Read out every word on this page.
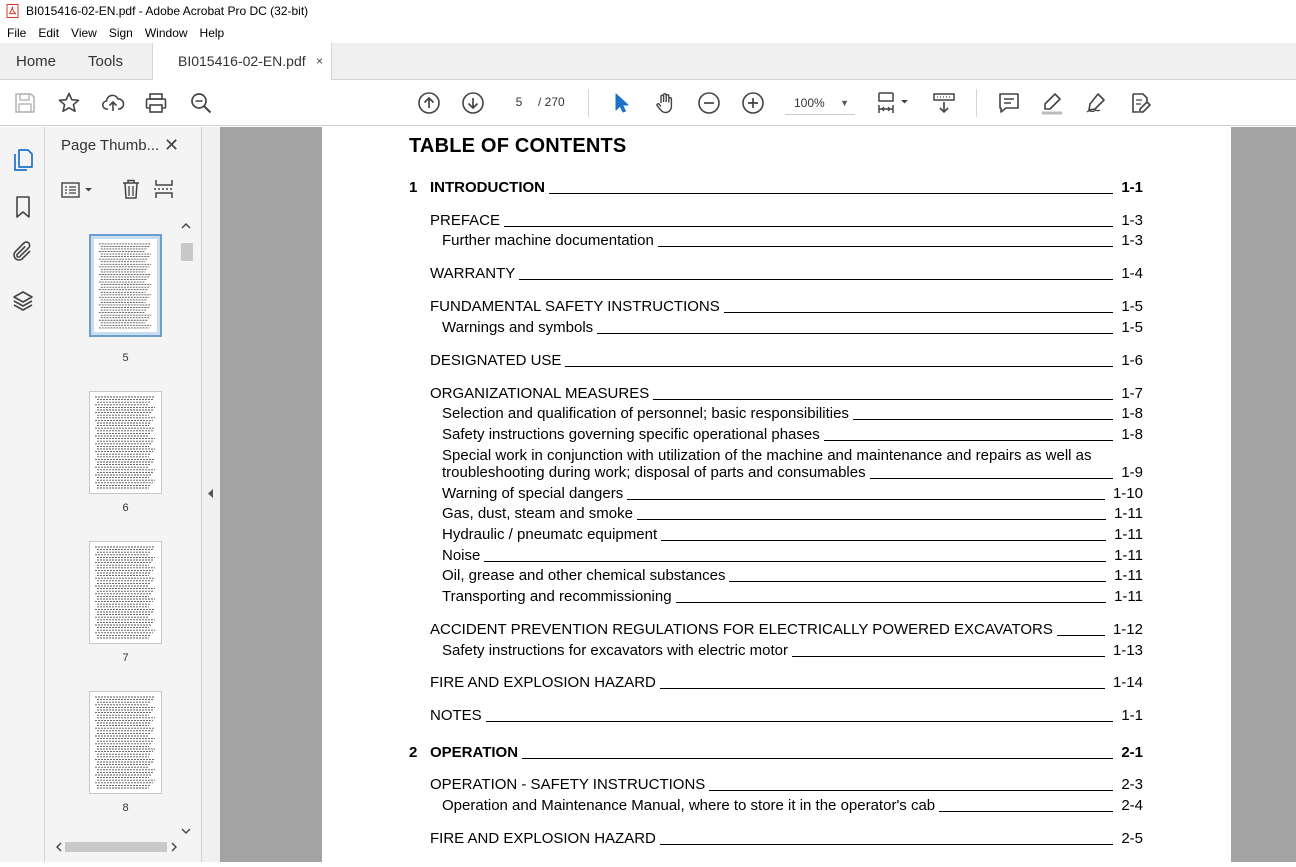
BI015416-02-EN.pdf - Adobe Acrobat Pro DC (32-bit)
File	Edit	View	Sign	Window	Help
Home Tools	BI015416-02-EN.pdf ×
5
/ 270	100% ▼
Page Thumb... ✕
5
6
7
8
TABLE OF CONTENTS
1 INTRODUCTION	1-1
PREFACE	1-3
Further machine documentation	1-3
WARRANTY	1-4
FUNDAMENTAL SAFETY INSTRUCTIONS	1-5
Warnings and symbols	1-5
DESIGNATED USE	1-6
ORGANIZATIONAL MEASURES	1-7
Selection and qualification of personnel; basic responsibilities	1-8
Safety instructions governing specific operational phases	1-8
Special work in conjunction with utilization of the machine and maintenance and repairs as well as
troubleshooting during work; disposal of parts and consumables	1-9
Warning of special dangers	1-10
Gas, dust, steam and smoke	1-11
Hydraulic / pneumatc equipment	1-11
Noise	1-11
Oil, grease and other chemical substances	1-11
Transporting and recommissioning	1-11
ACCIDENT PREVENTION REGULATIONS FOR ELECTRICALLY POWERED EXCAVATORS	1-12
Safety instructions for excavators with electric motor	1-13
FIRE AND EXPLOSION HAZARD	1-14
NOTES	1-1
2 OPERATION	2-1
OPERATION - SAFETY INSTRUCTIONS	2-3
Operation and Maintenance Manual, where to store it in the operator's cab	2-4
FIRE AND EXPLOSION HAZARD	2-5
